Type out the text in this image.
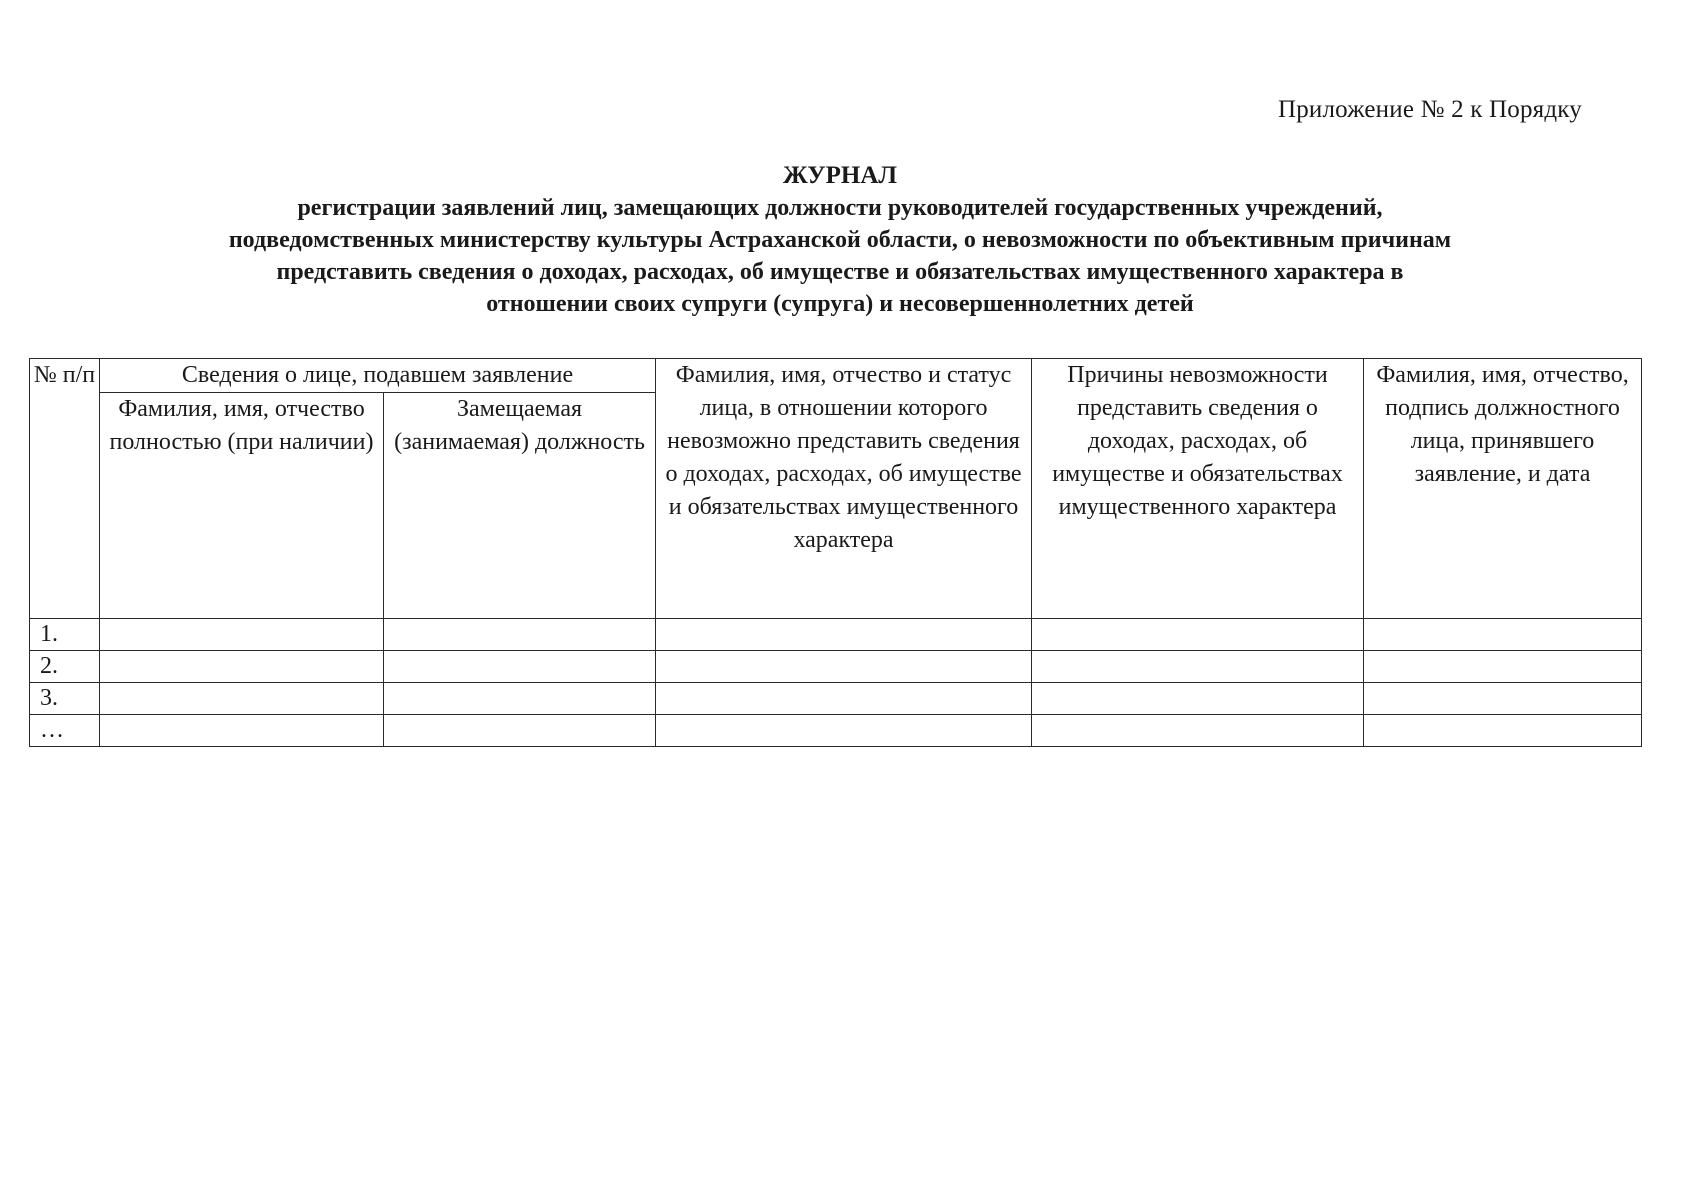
Приложение № 2 к Порядку
ЖУРНАЛ
регистрации заявлений лиц, замещающих должности руководителей государственных учреждений,
подведомственных министерству культуры Астраханской области, о невозможности по объективным причинам
представить сведения о доходах, расходах, об имуществе и обязательствах имущественного характера в
отношении своих супруги (супруга) и несовершеннолетних детей
№ п/п	Сведения о лице, подавшем заявление		Фамилия, имя, отчество и статус лица, в отношении которого невозможно представить сведения о доходах, расходах, об имуществе и обязательствах имущественного характера	Причины невозможности представить сведения о доходах, расходах, об имуществе и обязательствах имущественного характера	Фамилия, имя, отчество, подпись должностного лица, принявшего заявление, и дата
	Фамилия, имя, отчество полностью (при наличии)	Замещаемая (занимаемая) должность			
1.					
2.					
3.					
…					
